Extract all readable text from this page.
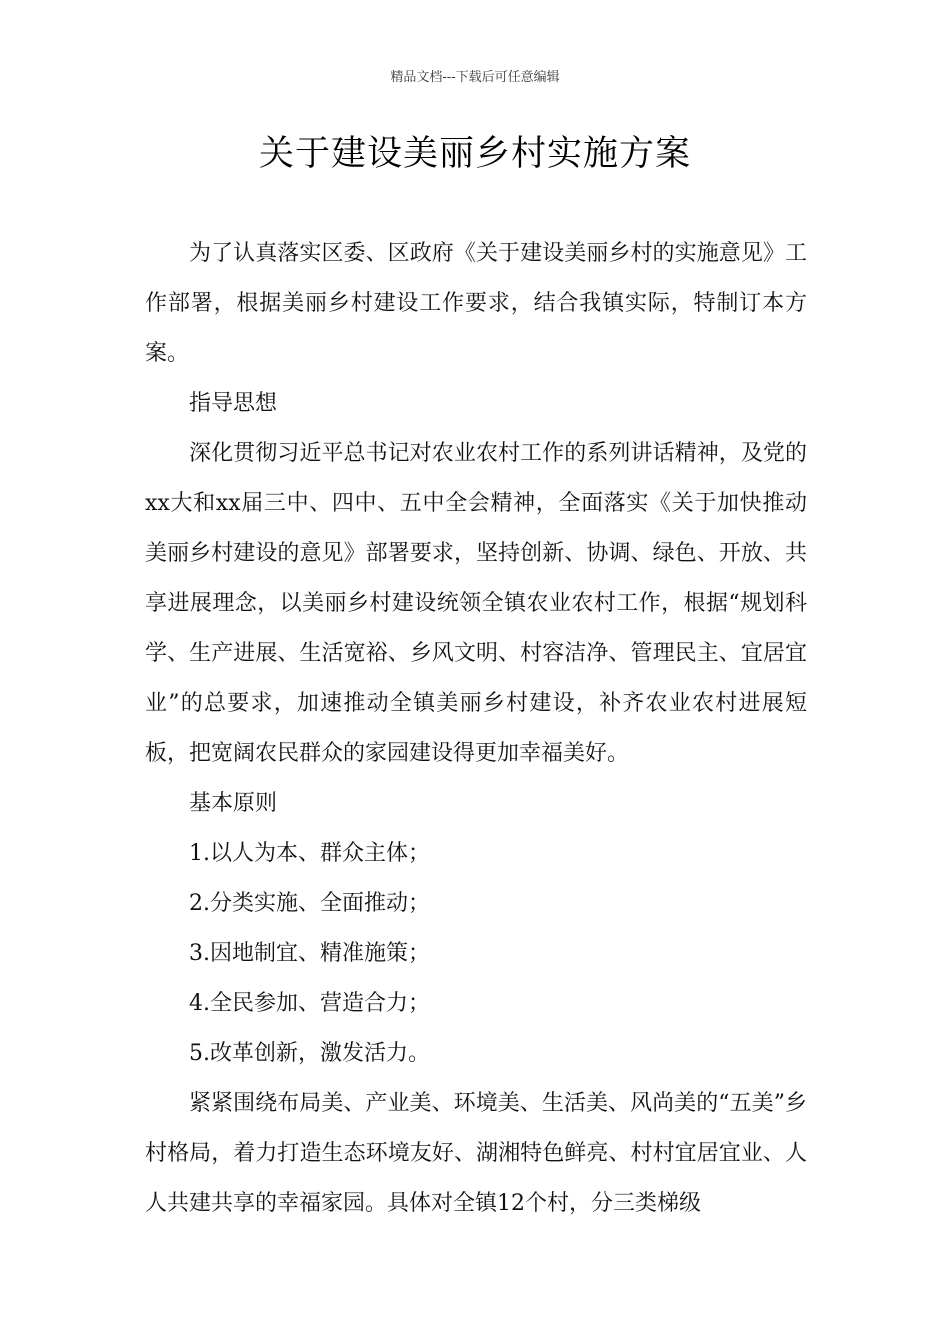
精品文档---下载后可任意编辑
关于建设美丽乡村实施方案

为了认真落实区委、区政府《关于建设美丽乡村的实施意见》工作部署，根据美丽乡村建设工作要求，结合我镇实际，特制订本方案。

指导思想

深化贯彻习近平总书记对农业农村工作的系列讲话精神，及党的xx大和xx届三中、四中、五中全会精神，全面落实《关于加快推动美丽乡村建设的意见》部署要求，坚持创新、协调、绿色、开放、共享进展理念，以美丽乡村建设统领全镇农业农村工作，根据“规划科学、生产进展、生活宽裕、乡风文明、村容洁净、管理民主、宜居宜业”的总要求，加速推动全镇美丽乡村建设，补齐农业农村进展短板，把宽阔农民群众的家园建设得更加幸福美好。

基本原则

1.以人为本、群众主体；

2.分类实施、全面推动；

3.因地制宜、精准施策；

4.全民参加、营造合力；

5.改革创新，激发活力。

紧紧围绕布局美、产业美、环境美、生活美、风尚美的“五美”乡村格局，着力打造生态环境友好、湖湘特色鲜亮、村村宜居宜业、人人共建共享的幸福家园。具体对全镇12个村，分三类梯级
